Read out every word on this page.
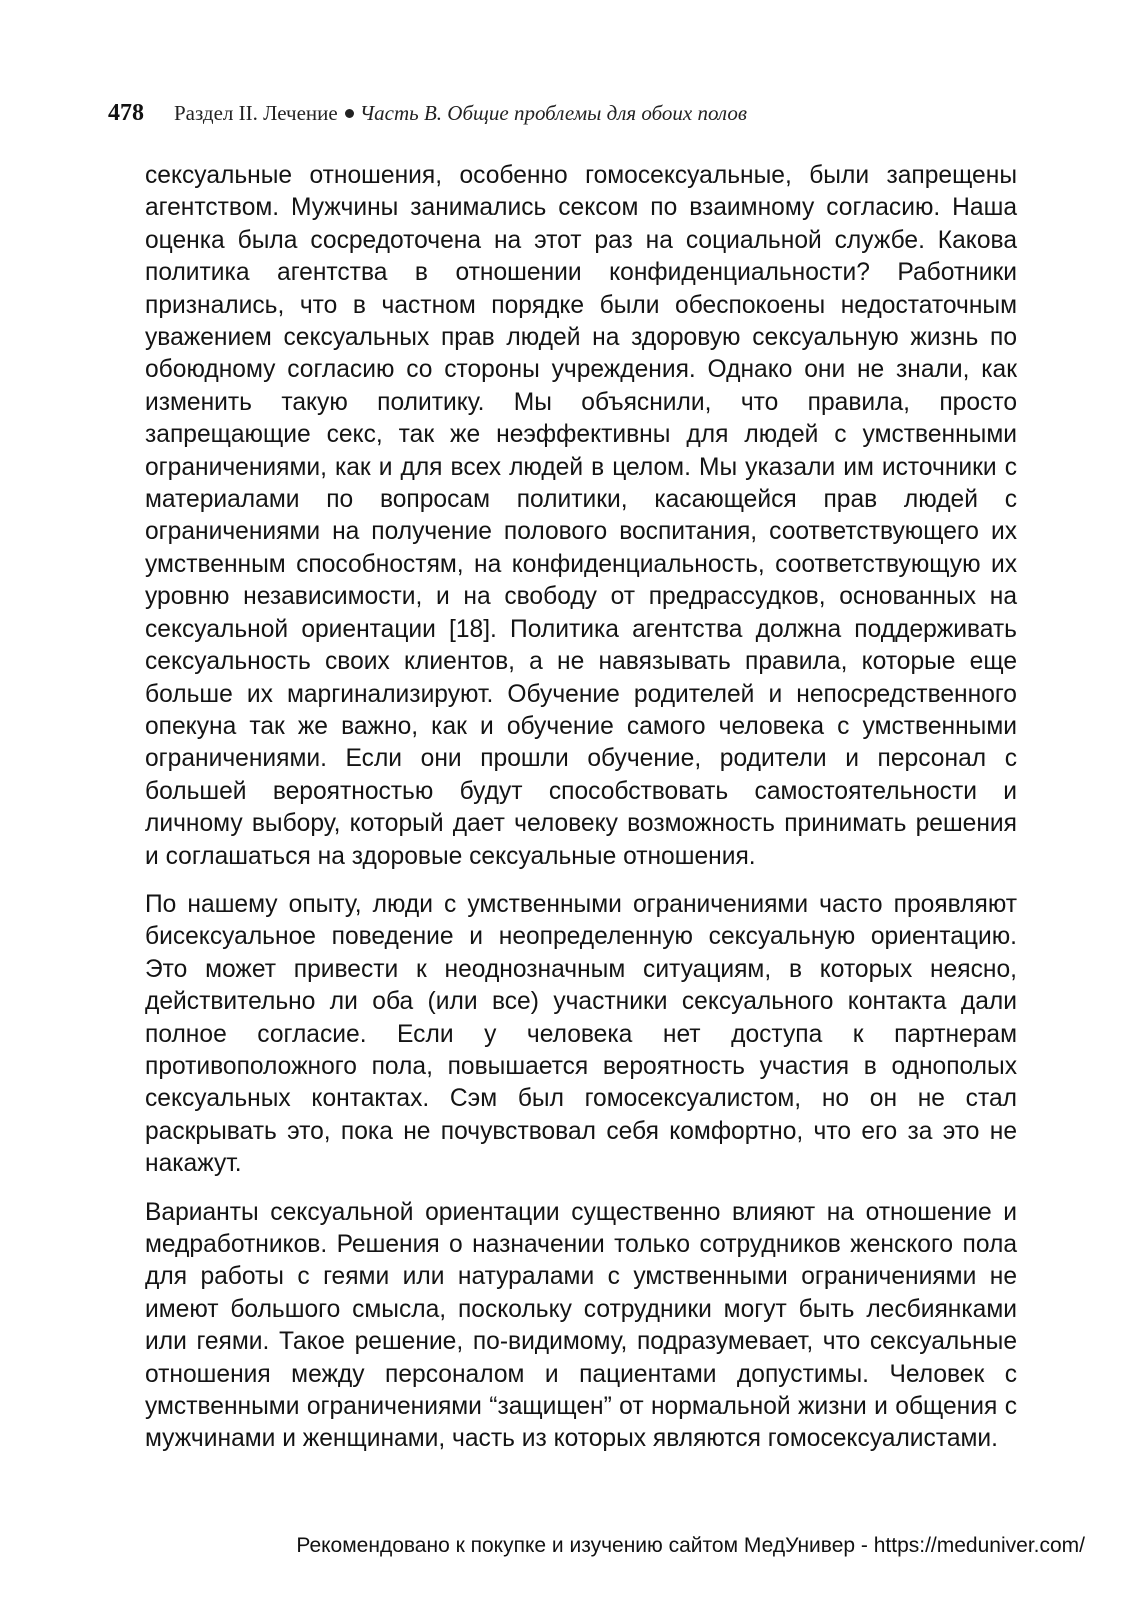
478 Раздел II. Лечение Часть В. Общие проблемы для обоих полов

сексуальные отношения, особенно гомосексуальные, были запрещены агентством. Мужчины занимались сексом по взаимному согласию. Наша оценка была сосредоточена на этот раз на социальной службе. Какова политика агентства в отношении конфиденциальности? Работники признались, что в частном порядке были обеспокоены недостаточным уважением сексуальных прав людей на здоровую сексуальную жизнь по обоюдному согласию со стороны учреждения. Однако они не знали, как изменить такую политику. Мы объяснили, что правила, просто запрещающие секс, так же неэффективны для людей с умственными ограничениями, как и для всех людей в целом. Мы указали им источники с материалами по вопросам политики, касающейся прав людей с ограничениями на получение полового воспитания, соответствующего их умственным способностям, на конфиденциальность, соответствующую их уровню независимости, и на свободу от предрассудков, основанных на сексуальной ориентации [18]. Политика агентства должна поддерживать сексуальность своих клиентов, а не навязывать правила, которые еще больше их маргинализируют. Обучение родителей и непосредственного опекуна так же важно, как и обучение самого человека с умственными ограничениями. Если они прошли обучение, родители и персонал с большей вероятностью будут способствовать самостоятельности и личному выбору, который дает человеку возможность принимать решения и соглашаться на здоровые сексуальные отношения.

По нашему опыту, люди с умственными ограничениями часто проявляют бисексуальное поведение и неопределенную сексуальную ориентацию. Это может привести к неоднозначным ситуациям, в которых неясно, действительно ли оба (или все) участники сексуального контакта дали полное согласие. Если у человека нет доступа к партнерам противоположного пола, повышается вероятность участия в однополых сексуальных контактах. Сэм был гомосексуалистом, но он не стал раскрывать это, пока не почувствовал себя комфортно, что его за это не накажут.

Варианты сексуальной ориентации существенно влияют на отношение и медработников. Решения о назначении только сотрудников женского пола для работы с геями или натуралами с умственными ограничениями не имеют большого смысла, поскольку сотрудники могут быть лесбиянками или геями. Такое решение, по-видимому, подразумевает, что сексуальные отношения между персоналом и пациентами допустимы. Человек с умственными ограничениями “защищен” от нормальной жизни и общения с мужчинами и женщинами, часть из которых являются гомосексуалистами.

Рекомендовано к покупке и изучению сайтом МедУнивер - https://meduniver.com/
